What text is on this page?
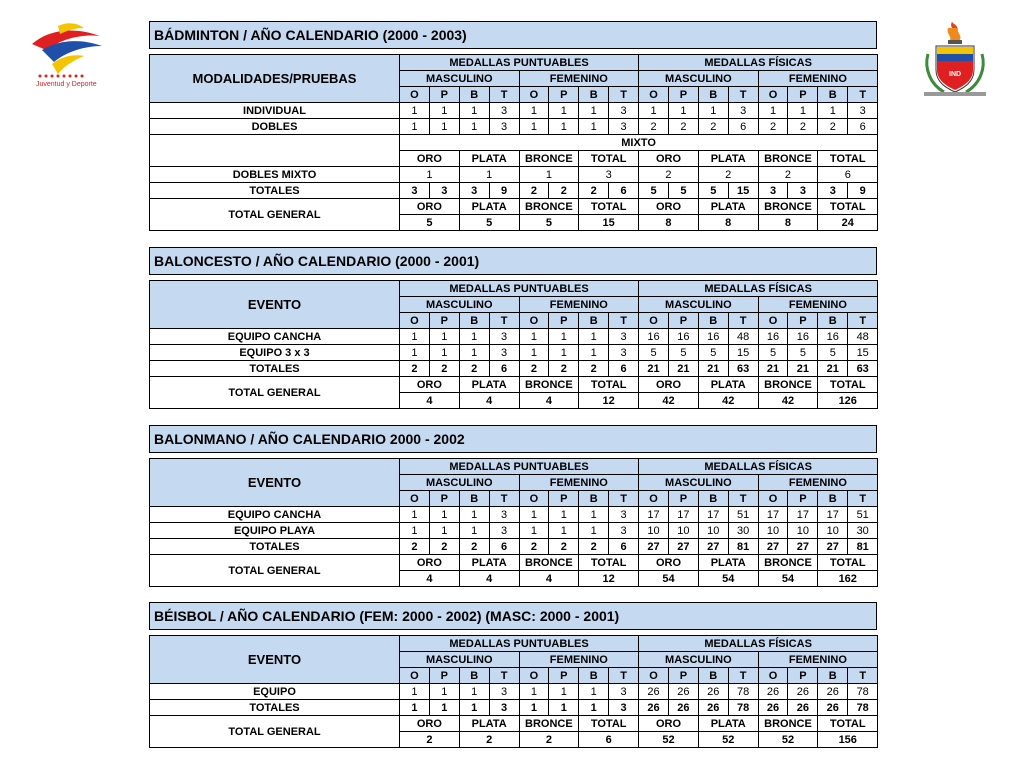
Juventud y Deporte
IND
BÁDMINTON / AÑO CALENDARIO (2000 - 2003)
MODALIDADES/PRUEBAS	MEDALLAS PUNTUABLES								MEDALLAS FÍSICAS							
	MASCULINO				FEMENINO				MASCULINO				FEMENINO			
	O	P	B	T	O	P	B	T	O	P	B	T	O	P	B	T
INDIVIDUAL	1	1	1	3	1	1	1	3	1	1	1	3	1	1	1	3
DOBLES	1	1	1	3	1	1	1	3	2	2	2	6	2	2	2	6
	MIXTO															
	ORO		PLATA		BRONCE		TOTAL		ORO		PLATA		BRONCE		TOTAL	
DOBLES MIXTO	1		1		1		3		2		2		2		6	
TOTALES	3	3	3	9	2	2	2	6	5	5	5	15	3	3	3	9
TOTAL GENERAL	ORO		PLATA		BRONCE		TOTAL		ORO		PLATA		BRONCE		TOTAL	
	5		5		5		15		8		8		8		24	
BALONCESTO / AÑO CALENDARIO (2000 - 2001)
EVENTO	MEDALLAS PUNTUABLES								MEDALLAS FÍSICAS							
	MASCULINO				FEMENINO				MASCULINO				FEMENINO			
	O	P	B	T	O	P	B	T	O	P	B	T	O	P	B	T
EQUIPO CANCHA	1	1	1	3	1	1	1	3	16	16	16	48	16	16	16	48
EQUIPO 3 x 3	1	1	1	3	1	1	1	3	5	5	5	15	5	5	5	15
TOTALES	2	2	2	6	2	2	2	6	21	21	21	63	21	21	21	63
TOTAL GENERAL	ORO		PLATA		BRONCE		TOTAL		ORO		PLATA		BRONCE		TOTAL	
	4		4		4		12		42		42		42		126	
BALONMANO / AÑO CALENDARIO 2000 - 2002
EVENTO	MEDALLAS PUNTUABLES								MEDALLAS FÍSICAS							
	MASCULINO				FEMENINO				MASCULINO				FEMENINO			
	O	P	B	T	O	P	B	T	O	P	B	T	O	P	B	T
EQUIPO CANCHA	1	1	1	3	1	1	1	3	17	17	17	51	17	17	17	51
EQUIPO PLAYA	1	1	1	3	1	1	1	3	10	10	10	30	10	10	10	30
TOTALES	2	2	2	6	2	2	2	6	27	27	27	81	27	27	27	81
TOTAL GENERAL	ORO		PLATA		BRONCE		TOTAL		ORO		PLATA		BRONCE		TOTAL	
	4		4		4		12		54		54		54		162	
BÉISBOL / AÑO CALENDARIO (FEM: 2000 - 2002) (MASC: 2000 - 2001)
EVENTO	MEDALLAS PUNTUABLES								MEDALLAS FÍSICAS							
	MASCULINO				FEMENINO				MASCULINO				FEMENINO			
	O	P	B	T	O	P	B	T	O	P	B	T	O	P	B	T
EQUIPO	1	1	1	3	1	1	1	3	26	26	26	78	26	26	26	78
TOTALES	1	1	1	3	1	1	1	3	26	26	26	78	26	26	26	78
TOTAL GENERAL	ORO		PLATA		BRONCE		TOTAL		ORO		PLATA		BRONCE		TOTAL	
	2		2		2		6		52		52		52		156	
